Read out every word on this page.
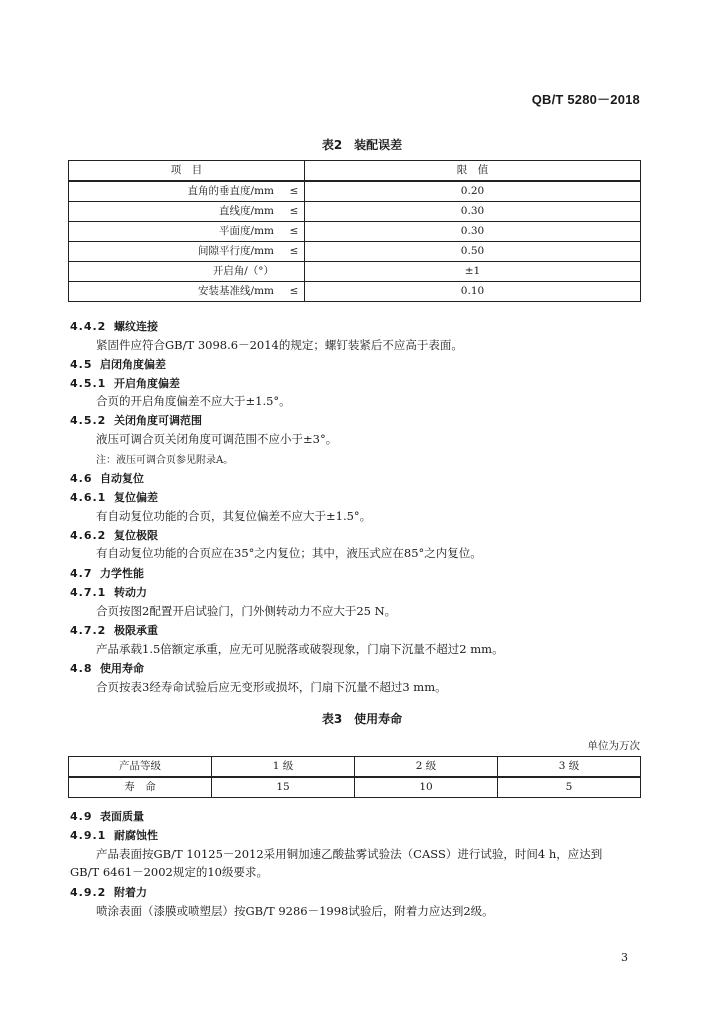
QB/T 5280－2018
表2　装配误差
项　目		限　值
直角的垂直度/mm	≤	0.20
直线度/mm	≤	0.30
平面度/mm	≤	0.30
间隙平行度/mm	≤	0.50
开启角/（°）		±1
安装基准线/mm	≤	0.10
4.4.2 螺纹连接
紧固件应符合GB/T 3098.6－2014的规定；螺钉装紧后不应高于表面。
4.5 启闭角度偏差
4.5.1 开启角度偏差
合页的开启角度偏差不应大于±1.5°。
4.5.2 关闭角度可调范围
液压可调合页关闭角度可调范围不应小于±3°。
注：液压可调合页参见附录A。
4.6 自动复位
4.6.1 复位偏差
有自动复位功能的合页，其复位偏差不应大于±1.5°。
4.6.2 复位极限
有自动复位功能的合页应在35°之内复位；其中，液压式应在85°之内复位。
4.7 力学性能
4.7.1 转动力
合页按图2配置开启试验门，门外侧转动力不应大于25 N。
4.7.2 极限承重
产品承载1.5倍额定承重，应无可见脱落或破裂现象，门扇下沉量不超过2 mm。
4.8 使用寿命
合页按表3经寿命试验后应无变形或损坏，门扇下沉量不超过3 mm。
表3　使用寿命
单位为万次
产品等级	1 级	2 级	3 级
寿　命	15	10	5
4.9 表面质量
4.9.1 耐腐蚀性
产品表面按GB/T 10125－2012采用铜加速乙酸盐雾试验法（CASS）进行试验，时间4 h，应达到
GB/T 6461－2002规定的10级要求。
4.9.2 附着力
喷涂表面（漆膜或喷塑层）按GB/T 9286－1998试验后，附着力应达到2级。
3
